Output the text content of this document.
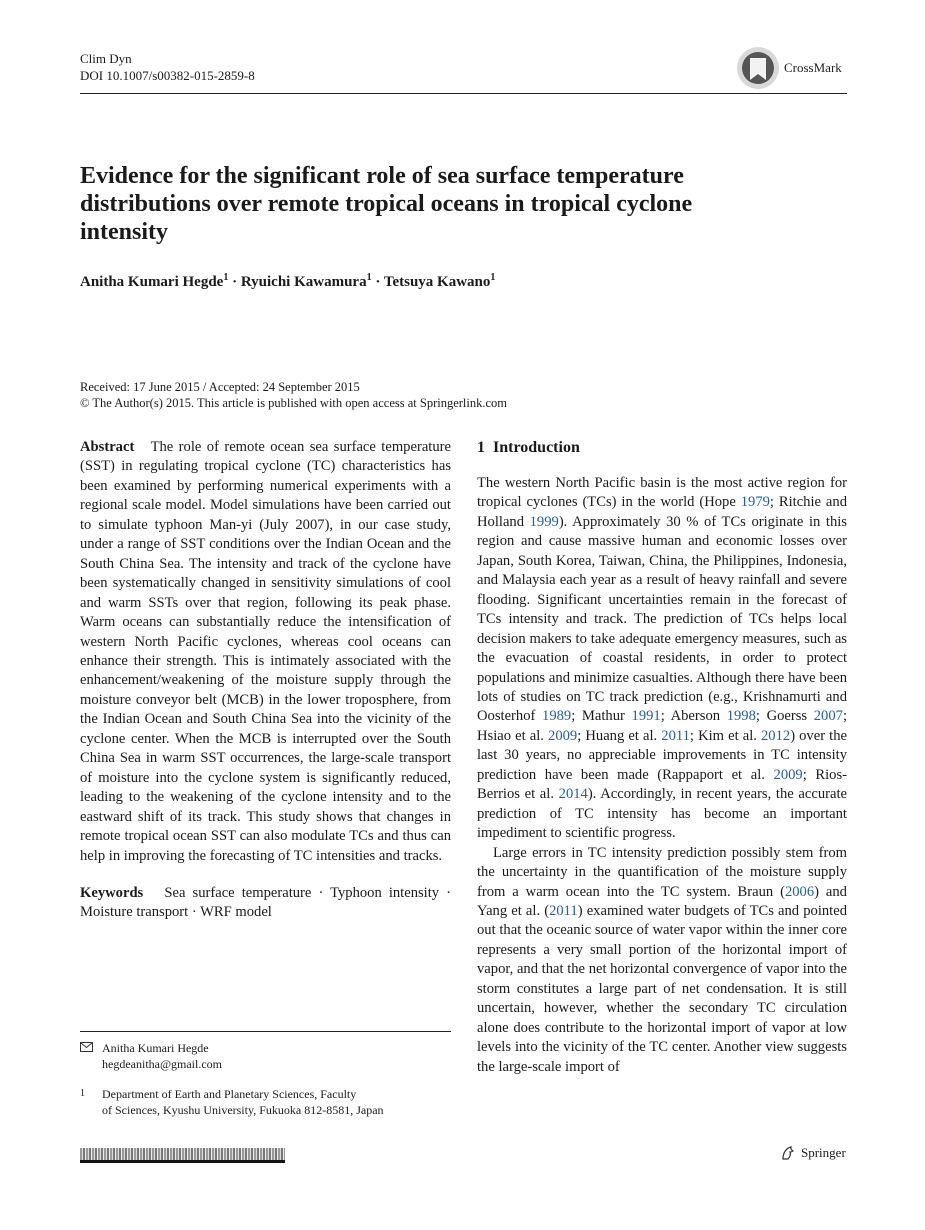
Clim Dyn
DOI 10.1007/s00382-015-2859-8
CrossMark
Evidence for the significant role of sea surface temperature distributions over remote tropical oceans in tropical cyclone intensity
Anitha Kumari Hegde$^1$ · Ryuichi Kawamura$^1$ · Tetsuya Kawano$^1$
Received: 17 June 2015 / Accepted: 24 September 2015
© The Author(s) 2015. This article is published with open access at Springerlink.com

Abstract The role of remote ocean sea surface temperature (SST) in regulating tropical cyclone (TC) characteristics has been examined by performing numerical experiments with a regional scale model. Model simulations have been carried out to simulate typhoon Man-yi (July 2007), in our case study, under a range of SST conditions over the Indian Ocean and the South China Sea. The intensity and track of the cyclone have been systematically changed in sensitivity simulations of cool and warm SSTs over that region, following its peak phase. Warm oceans can substantially reduce the intensification of western North Pacific cyclones, whereas cool oceans can enhance their strength. This is intimately associated with the enhancement/weakening of the moisture supply through the moisture conveyor belt (MCB) in the lower troposphere, from the Indian Ocean and South China Sea into the vicinity of the cyclone center. When the MCB is interrupted over the South China Sea in warm SST occurrences, the large-scale transport of moisture into the cyclone system is significantly reduced, leading to the weakening of the cyclone intensity and to the eastward shift of its track. This study shows that changes in remote tropical ocean SST can also modulate TCs and thus can help in improving the forecasting of TC intensities and tracks.

Keywords Sea surface temperature · Typhoon intensity · Moisture transport · WRF model

Anitha Kumari Hegde
hegdeanitha@gmail.com
1	Department of Earth and Planetary Sciences, Faculty
of Sciences, Kyushu University, Fukuoka 812-8581, Japan
1 Introduction

The western North Pacific basin is the most active region for tropical cyclones (TCs) in the world (Hope 1979; Ritchie and Holland 1999). Approximately 30 % of TCs originate in this region and cause massive human and economic losses over Japan, South Korea, Taiwan, China, the Philippines, Indonesia, and Malaysia each year as a result of heavy rainfall and severe flooding. Significant uncertainties remain in the forecast of TCs intensity and track. The prediction of TCs helps local decision makers to take adequate emergency measures, such as the evacuation of coastal residents, in order to protect populations and minimize casualties. Although there have been lots of studies on TC track prediction (e.g., Krishnamurti and Oosterhof 1989; Mathur 1991; Aberson 1998; Goerss 2007; Hsiao et al. 2009; Huang et al. 2011; Kim et al. 2012) over the last 30 years, no appreciable improvements in TC intensity prediction have been made (Rappaport et al. 2009; Rios-Berrios et al. 2014). Accordingly, in recent years, the accurate prediction of TC intensity has become an important impediment to scientific progress.

Large errors in TC intensity prediction possibly stem from the uncertainty in the quantification of the moisture supply from a warm ocean into the TC system. Braun (2006) and Yang et al. (2011) examined water budgets of TCs and pointed out that the oceanic source of water vapor within the inner core represents a very small portion of the horizontal import of vapor, and that the net horizontal convergence of vapor into the storm constitutes a large part of net condensation. It is still uncertain, however, whether the secondary TC circulation alone does contribute to the horizontal import of vapor at low levels into the vicinity of the TC center. Another view suggests the large-scale import of

Springer
